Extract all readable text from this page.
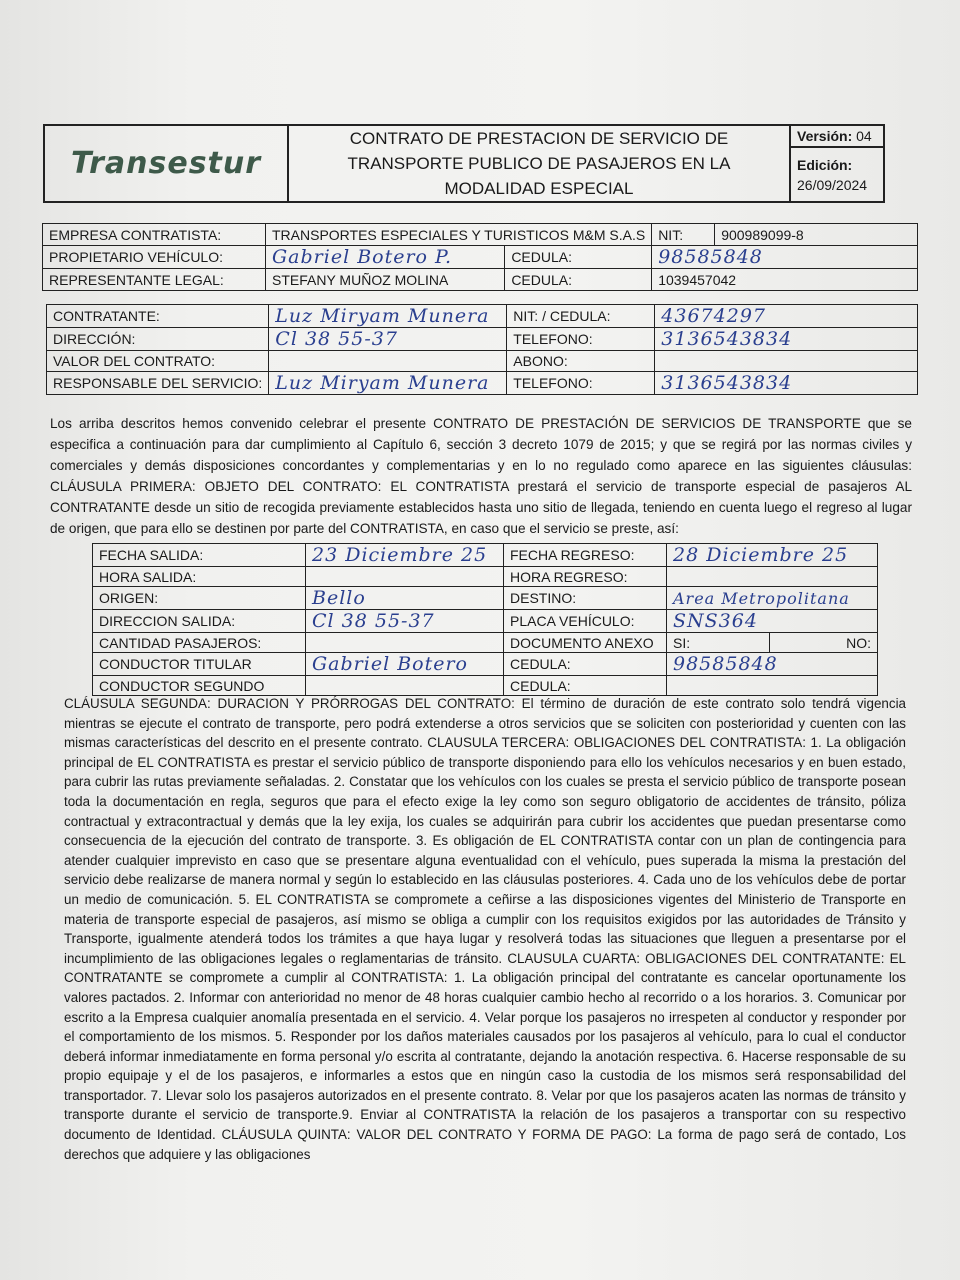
Transestur	CONTRATO DE PRESTACION DE SERVICIO DE TRANSPORTE PUBLICO DE PASAJEROS EN LA MODALIDAD ESPECIAL	Versión: 04
Edición:
26/09/2024
EMPRESA CONTRATISTA:	TRANSPORTES ESPECIALES Y TURISTICOS M&M S.A.S		NIT:	900989099-8
PROPIETARIO VEHÍCULO:	Gabriel Botero P.	CEDULA:	98585848	
REPRESENTANTE LEGAL:	STEFANY MUÑOZ MOLINA	CEDULA:	1039457042	
CONTRATANTE:	Luz Miryam Munera	NIT: / CEDULA:	43674297
DIRECCIÓN:	Cl 38 55-37	TELEFONO:	3136543834
VALOR DEL CONTRATO:		ABONO:	
RESPONSABLE DEL SERVICIO:	Luz Miryam Munera	TELEFONO:	3136543834

Los arriba descritos hemos convenido celebrar el presente CONTRATO DE PRESTACIÓN DE SERVICIOS DE TRANSPORTE que se especifica a continuación para dar cumplimiento al Capítulo 6, sección 3 decreto 1079 de 2015; y que se regirá por las normas civiles y comerciales y demás disposiciones concordantes y complementarias y en lo no regulado como aparece en las siguientes cláusulas: CLÁUSULA PRIMERA: OBJETO DEL CONTRATO: EL CONTRATISTA prestará el servicio de transporte especial de pasajeros AL CONTRATANTE desde un sitio de recogida previamente establecidos hasta uno sitio de llegada, teniendo en cuenta luego el regreso al lugar de origen, que para ello se destinen por parte del CONTRATISTA, en caso que el servicio se preste, así:

FECHA SALIDA:	23 Diciembre 25	FECHA REGRESO:	28 Diciembre 25	
HORA SALIDA:		HORA REGRESO:		
ORIGEN:	Bello	DESTINO:	Area Metropolitana	
DIRECCION SALIDA:	Cl 38 55-37	PLACA VEHÍCULO:	SNS364	
CANTIDAD PASAJEROS:		DOCUMENTO ANEXO	SI:	NO:
CONDUCTOR TITULAR	Gabriel Botero	CEDULA:	98585848	
CONDUCTOR SEGUNDO		CEDULA:		

CLÁUSULA SEGUNDA: DURACION Y PRÓRROGAS DEL CONTRATO: El término de duración de este contrato solo tendrá vigencia mientras se ejecute el contrato de transporte, pero podrá extenderse a otros servicios que se soliciten con posterioridad y cuenten con las mismas características del descrito en el presente contrato. CLAUSULA TERCERA: OBLIGACIONES DEL CONTRATISTA: 1. La obligación principal de EL CONTRATISTA es prestar el servicio público de transporte disponiendo para ello los vehículos necesarios y en buen estado, para cubrir las rutas previamente señaladas. 2. Constatar que los vehículos con los cuales se presta el servicio público de transporte posean toda la documentación en regla, seguros que para el efecto exige la ley como son seguro obligatorio de accidentes de tránsito, póliza contractual y extracontractual y demás que la ley exija, los cuales se adquirirán para cubrir los accidentes que puedan presentarse como consecuencia de la ejecución del contrato de transporte. 3. Es obligación de EL CONTRATISTA contar con un plan de contingencia para atender cualquier imprevisto en caso que se presentare alguna eventualidad con el vehículo, pues superada la misma la prestación del servicio debe realizarse de manera normal y según lo establecido en las cláusulas posteriores. 4. Cada uno de los vehículos debe de portar un medio de comunicación. 5. EL CONTRATISTA se compromete a ceñirse a las disposiciones vigentes del Ministerio de Transporte en materia de transporte especial de pasajeros, así mismo se obliga a cumplir con los requisitos exigidos por las autoridades de Tránsito y Transporte, igualmente atenderá todos los trámites a que haya lugar y resolverá todas las situaciones que lleguen a presentarse por el incumplimiento de las obligaciones legales o reglamentarias de tránsito. CLAUSULA CUARTA: OBLIGACIONES DEL CONTRATANTE: EL CONTRATANTE se compromete a cumplir al CONTRATISTA: 1. La obligación principal del contratante es cancelar oportunamente los valores pactados. 2. Informar con anterioridad no menor de 48 horas cualquier cambio hecho al recorrido o a los horarios. 3. Comunicar por escrito a la Empresa cualquier anomalía presentada en el servicio. 4. Velar porque los pasajeros no irrespeten al conductor y responder por el comportamiento de los mismos. 5. Responder por los daños materiales causados por los pasajeros al vehículo, para lo cual el conductor deberá informar inmediatamente en forma personal y/o escrita al contratante, dejando la anotación respectiva. 6. Hacerse responsable de su propio equipaje y el de los pasajeros, e informarles a estos que en ningún caso la custodia de los mismos será responsabilidad del transportador. 7. Llevar solo los pasajeros autorizados en el presente contrato. 8. Velar por que los pasajeros acaten las normas de tránsito y transporte durante el servicio de transporte.9. Enviar al CONTRATISTA la relación de los pasajeros a transportar con su respectivo documento de Identidad. CLÁUSULA QUINTA: VALOR DEL CONTRATO Y FORMA DE PAGO: La forma de pago será de contado, Los derechos que adquiere y las obligaciones
